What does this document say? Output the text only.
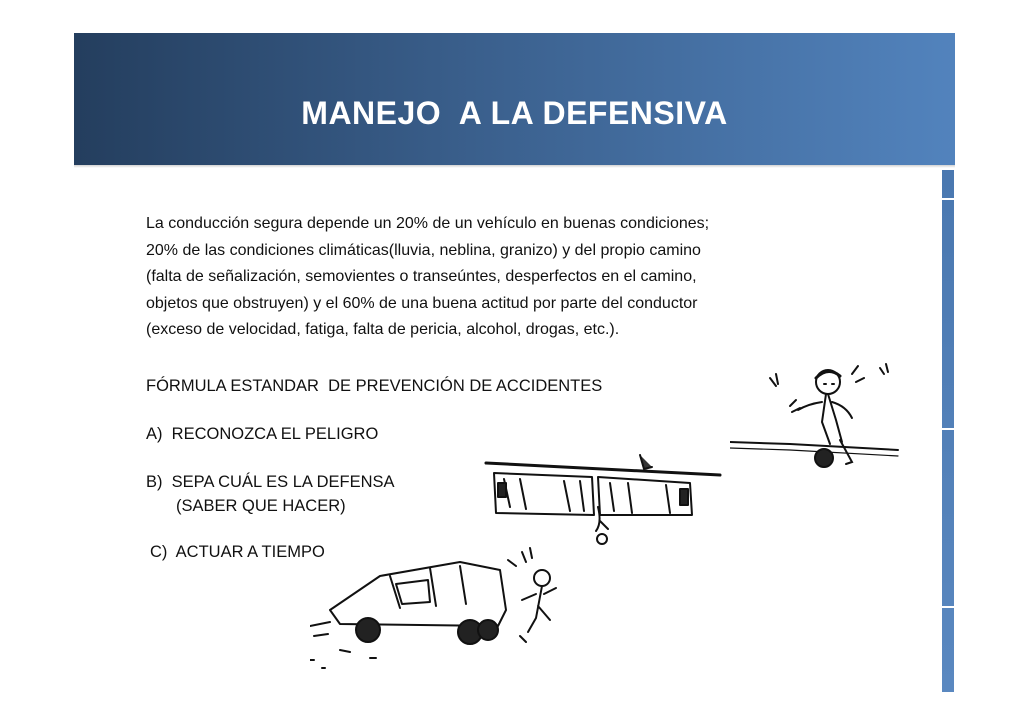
MANEJO  A LA DEFENSIVA
La conducción segura depende un 20% de un vehículo en buenas condiciones;
20% de las condiciones climáticas(lluvia, neblina, granizo) y del propio camino
(falta de señalización, semovientes o transeúntes, desperfectos en el camino,
objetos que obstruyen) y el 60% de una buena actitud por parte del conductor
(exceso de velocidad, fatiga, falta de pericia, alcohol, drogas, etc.).
FÓRMULA ESTANDAR  DE PREVENCIÓN DE ACCIDENTES
A)  RECONOZCA EL PELIGRO
B)  SEPA CUÁL ES LA DEFENSA
(SABER QUE HACER)
C)  ACTUAR A TIEMPO
